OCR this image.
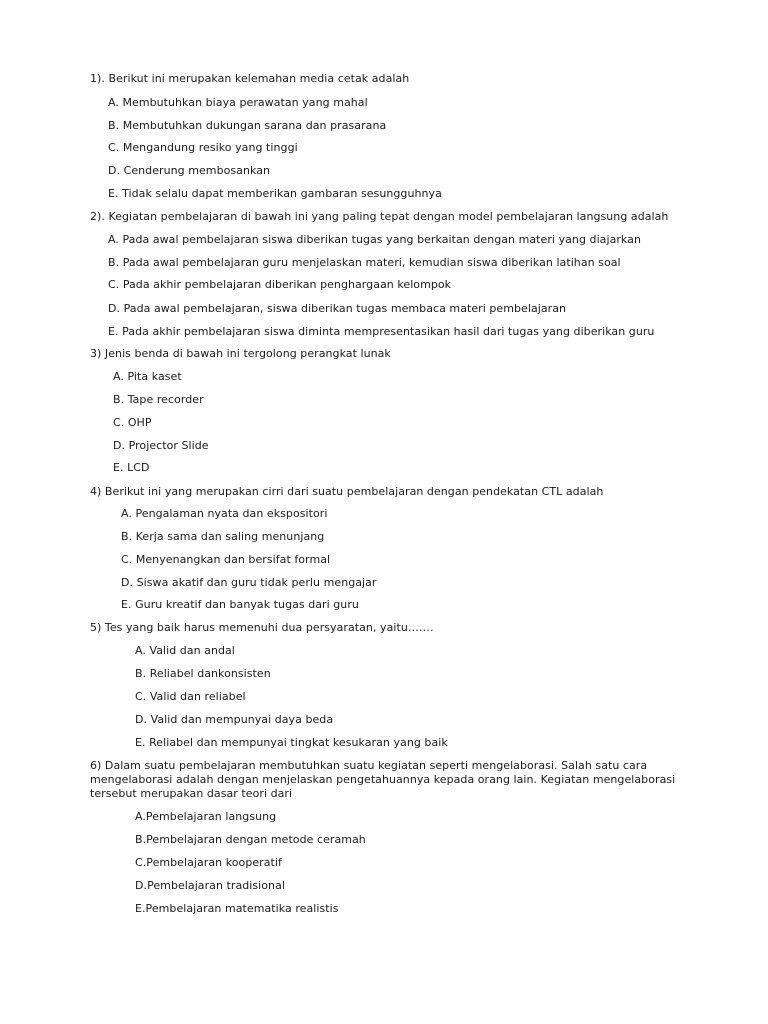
1). Berikut ini merupakan kelemahan media cetak adalah
A. Membutuhkan biaya perawatan yang mahal
B. Membutuhkan dukungan sarana dan prasarana
C. Mengandung resiko yang tinggi
D. Cenderung membosankan
E. Tidak selalu dapat memberikan gambaran sesungguhnya
2). Kegiatan pembelajaran di bawah ini yang paling tepat dengan model pembelajaran langsung adalah
A. Pada awal pembelajaran siswa diberikan tugas yang berkaitan dengan materi yang diajarkan
B. Pada awal pembelajaran guru menjelaskan materi, kemudian siswa diberikan latihan soal
C. Pada akhir pembelajaran diberikan penghargaan kelompok
D. Pada awal pembelajaran, siswa diberikan tugas membaca materi pembelajaran
E. Pada akhir pembelajaran siswa diminta mempresentasikan hasil dari tugas yang diberikan guru
3) Jenis benda di bawah ini tergolong perangkat lunak
A. Pita kaset
B. Tape recorder
C. OHP
D. Projector Slide
E. LCD
4) Berikut ini yang merupakan cirri dari suatu pembelajaran dengan pendekatan CTL adalah
A. Pengalaman nyata dan ekspositori
B. Kerja sama dan saling menunjang
C. Menyenangkan dan bersifat formal
D. Siswa akatif dan guru tidak perlu mengajar
E. Guru kreatif dan banyak tugas dari guru
5) Tes yang baik harus memenuhi dua persyaratan, yaitu…….
A. Valid dan andal
B. Reliabel dankonsisten
C. Valid dan reliabel
D. Valid dan mempunyai daya beda
E. Reliabel dan mempunyai tingkat kesukaran yang baik
6) Dalam suatu pembelajaran membutuhkan suatu kegiatan seperti mengelaborasi. Salah satu cara
mengelaborasi adalah dengan menjelaskan pengetahuannya kepada orang lain. Kegiatan mengelaborasi
tersebut merupakan dasar teori dari
A.Pembelajaran langsung
B.Pembelajaran dengan metode ceramah
C.Pembelajaran kooperatif
D.Pembelajaran tradisional
E.Pembelajaran matematika realistis
